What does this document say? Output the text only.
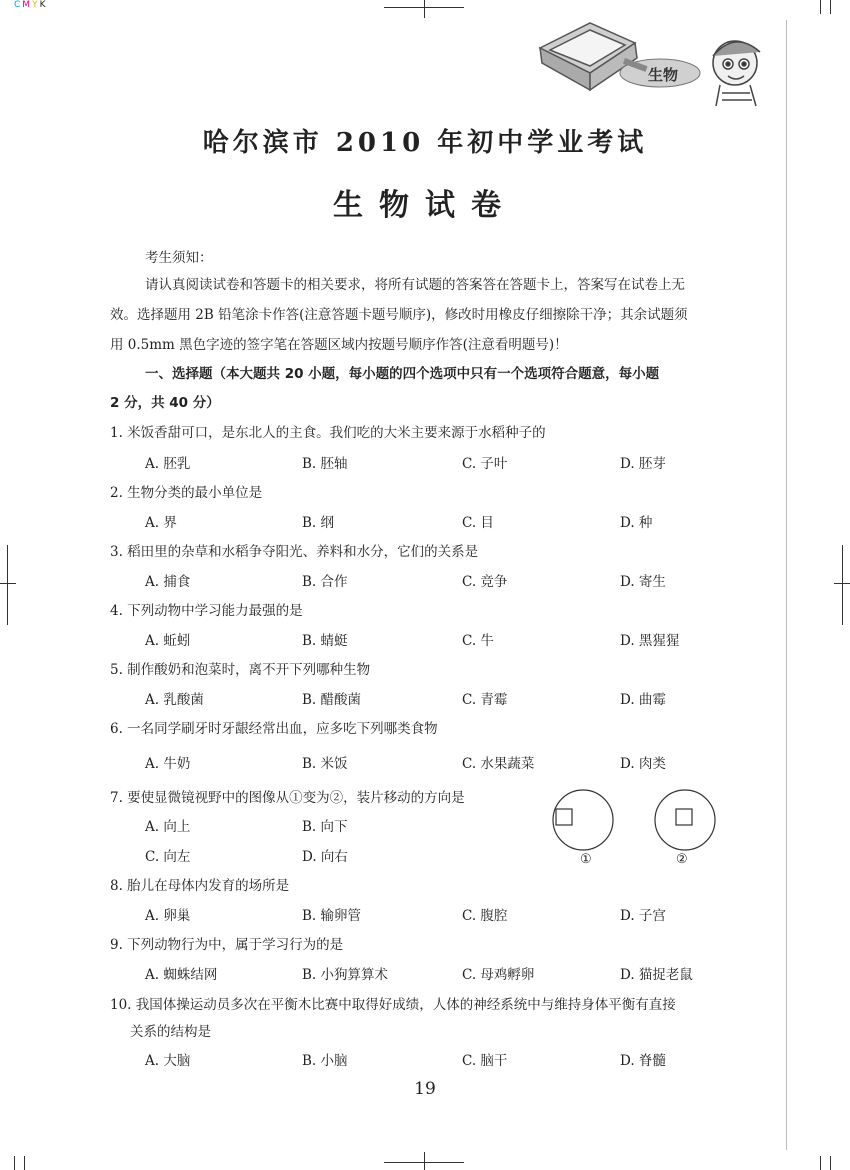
CMYK
生物
哈尔滨市 2010 年初中学业考试
生物试卷
考生须知：
请认真阅读试卷和答题卡的相关要求，将所有试题的答案答在答题卡上，答案写在试卷上无
效。选择题用 2B 铅笔涂卡作答(注意答题卡题号顺序)，修改时用橡皮仔细擦除干净；其余试题须
用 0.5mm 黑色字迹的签字笔在答题区域内按题号顺序作答(注意看明题号)！
一、选择题（本大题共 20 小题，每小题的四个选项中只有一个选项符合题意，每小题
2 分，共 40 分）
1. 米饭香甜可口，是东北人的主食。我们吃的大米主要来源于水稻种子的
A. 胚乳	B. 胚轴	C. 子叶	D. 胚芽
2. 生物分类的最小单位是
A. 界	B. 纲	C. 目	D. 种
3. 稻田里的杂草和水稻争夺阳光、养料和水分，它们的关系是
A. 捕食	B. 合作	C. 竞争	D. 寄生
4. 下列动物中学习能力最强的是
A. 蚯蚓	B. 蜻蜓	C. 牛	D. 黑猩猩
5. 制作酸奶和泡菜时，离不开下列哪种生物
A. 乳酸菌	B. 醋酸菌	C. 青霉	D. 曲霉
6. 一名同学刷牙时牙龈经常出血，应多吃下列哪类食物
A. 牛奶	B. 米饭	C. 水果蔬菜	D. 肉类
7. 要使显微镜视野中的图像从①变为②，装片移动的方向是
A. 向上	B. 向下
C. 向左	D. 向右	①	②
8. 胎儿在母体内发育的场所是
A. 卵巢	B. 输卵管	C. 腹腔	D. 子宫
9. 下列动物行为中，属于学习行为的是
A. 蜘蛛结网	B. 小狗算算术	C. 母鸡孵卵	D. 猫捉老鼠
10. 我国体操运动员多次在平衡木比赛中取得好成绩，人体的神经系统中与维持身体平衡有直接
关系的结构是
A. 大脑	B. 小脑	C. 脑干	D. 脊髓
19
